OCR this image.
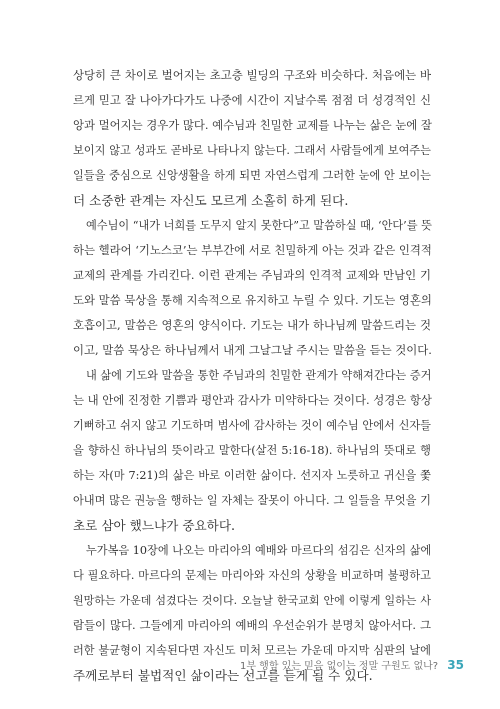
상당히 큰 차이로 벌어지는 초고층 빌딩의 구조와 비슷하다. 처음에는 바
르게 믿고 잘 나아가다가도 나중에 시간이 지날수록 점점 더 성경적인 신
앙과 멀어지는 경우가 많다. 예수님과 친밀한 교제를 나누는 삶은 눈에 잘
보이지 않고 성과도 곧바로 나타나지 않는다. 그래서 사람들에게 보여주는
일들을 중심으로 신앙생활을 하게 되면 자연스럽게 그러한 눈에 안 보이는
더 소중한 관계는 자신도 모르게 소홀히 하게 된다.
예수님이 “내가 너희를 도무지 알지 못한다”고 말씀하실 때, ‘안다’를 뜻
하는 헬라어 ‘기노스코’는 부부간에 서로 친밀하게 아는 것과 같은 인격적
교제의 관계를 가리킨다. 이런 관계는 주님과의 인격적 교제와 만남인 기
도와 말씀 묵상을 통해 지속적으로 유지하고 누릴 수 있다. 기도는 영혼의
호흡이고, 말씀은 영혼의 양식이다. 기도는 내가 하나님께 말씀드리는 것
이고, 말씀 묵상은 하나님께서 내게 그날그날 주시는 말씀을 듣는 것이다.
내 삶에 기도와 말씀을 통한 주님과의 친밀한 관계가 약해져간다는 증거
는 내 안에 진정한 기쁨과 평안과 감사가 미약하다는 것이다. 성경은 항상
기뻐하고 쉬지 않고 기도하며 범사에 감사하는 것이 예수님 안에서 신자들
을 향하신 하나님의 뜻이라고 말한다(살전 5:16-18). 하나님의 뜻대로 행
하는 자(마 7:21)의 삶은 바로 이러한 삶이다. 선지자 노릇하고 귀신을 쫓
아내며 많은 권능을 행하는 일 자체는 잘못이 아니다. 그 일들을 무엇을 기
초로 삼아 했느냐가 중요하다.
누가복음 10장에 나오는 마리아의 예배와 마르다의 섬김은 신자의 삶에
다 필요하다. 마르다의 문제는 마리아와 자신의 상황을 비교하며 불평하고
원망하는 가운데 섬겼다는 것이다. 오늘날 한국교회 안에 이렇게 일하는 사
람들이 많다. 그들에게 마리아의 예배의 우선순위가 분명치 않아서다. 그
러한 불균형이 지속된다면 자신도 미처 모르는 가운데 마지막 심판의 날에
주께로부터 불법적인 삶이라는 선고를 듣게 될 수 있다.
1부 행함 있는 믿음 없이는 정말 구원도 없나? 35
